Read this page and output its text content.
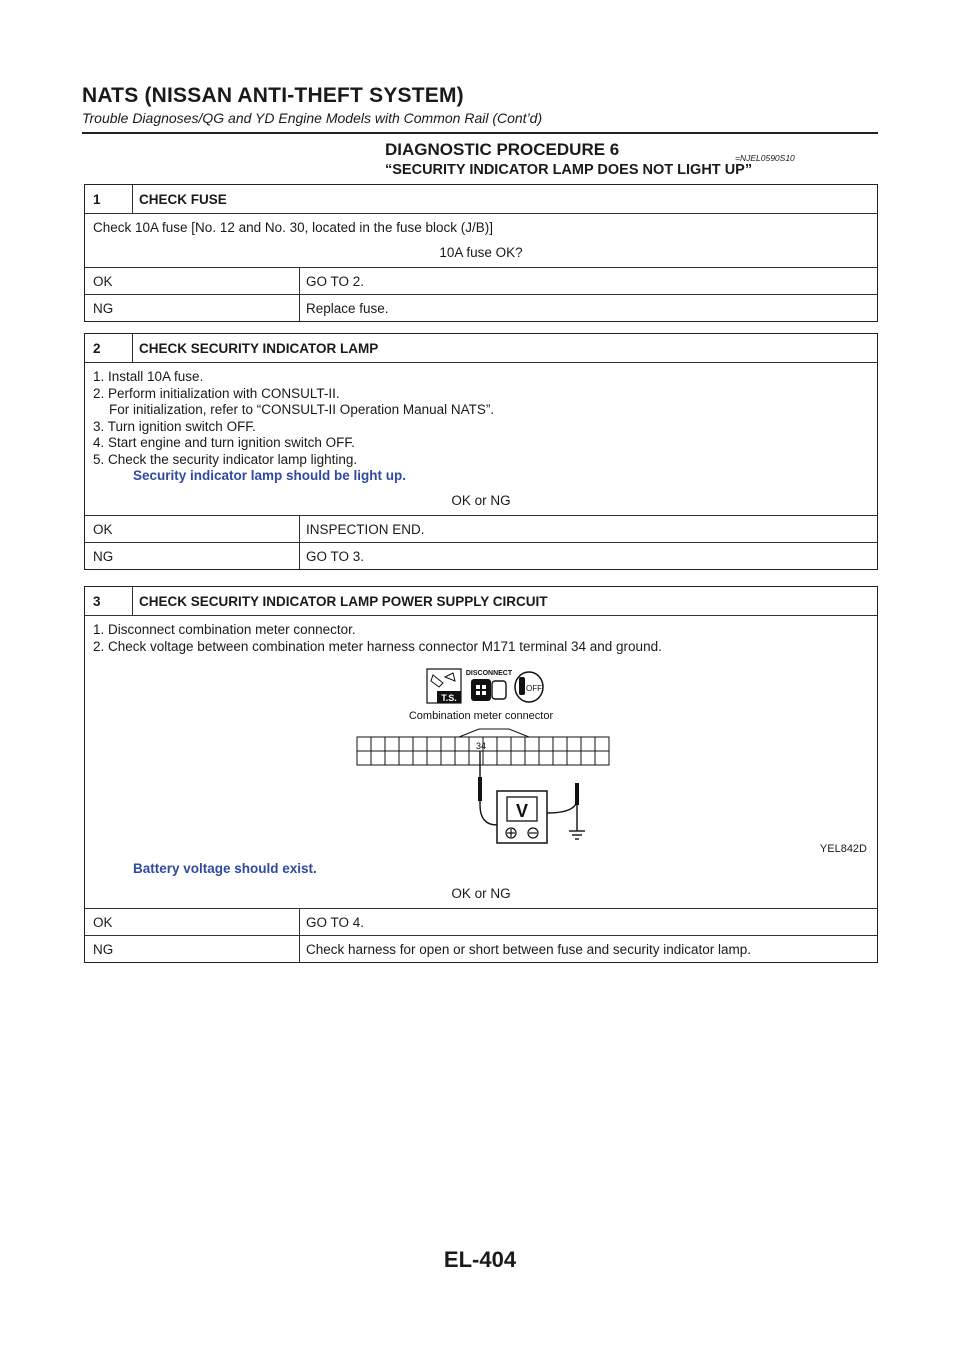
NATS (NISSAN ANTI-THEFT SYSTEM)
Trouble Diagnoses/QG and YD Engine Models with Common Rail (Cont’d)
DIAGNOSTIC PROCEDURE 6
“SECURITY INDICATOR LAMP DOES NOT LIGHT UP”
=NJEL0590S10
1	CHECK FUSE
Check 10A fuse [No. 12 and No. 30, located in the fuse block (J/B)]
10A fuse OK?
OK	GO TO 2.
NG	Replace fuse.
2	CHECK SECURITY INDICATOR LAMP
1. Install 10A fuse.
2. Perform initialization with CONSULT-II.
For initialization, refer to “CONSULT-II Operation Manual NATS”.
3. Turn ignition switch OFF.
4. Start engine and turn ignition switch OFF.
5. Check the security indicator lamp lighting.
Security indicator lamp should be light up.
OK or NG
OK	INSPECTION END.
NG	GO TO 3.
3	CHECK SECURITY INDICATOR LAMP POWER SUPPLY CIRCUIT
1. Disconnect combination meter connector.
2. Check voltage between combination meter harness connector M171 terminal 34 and ground.
T.S.
DISCONNECT
OFF
Combination meter connector
34
V
YEL842D
Battery voltage should exist.
OK or NG
OK	GO TO 4.
NG	Check harness for open or short between fuse and security indicator lamp.
EL-404
